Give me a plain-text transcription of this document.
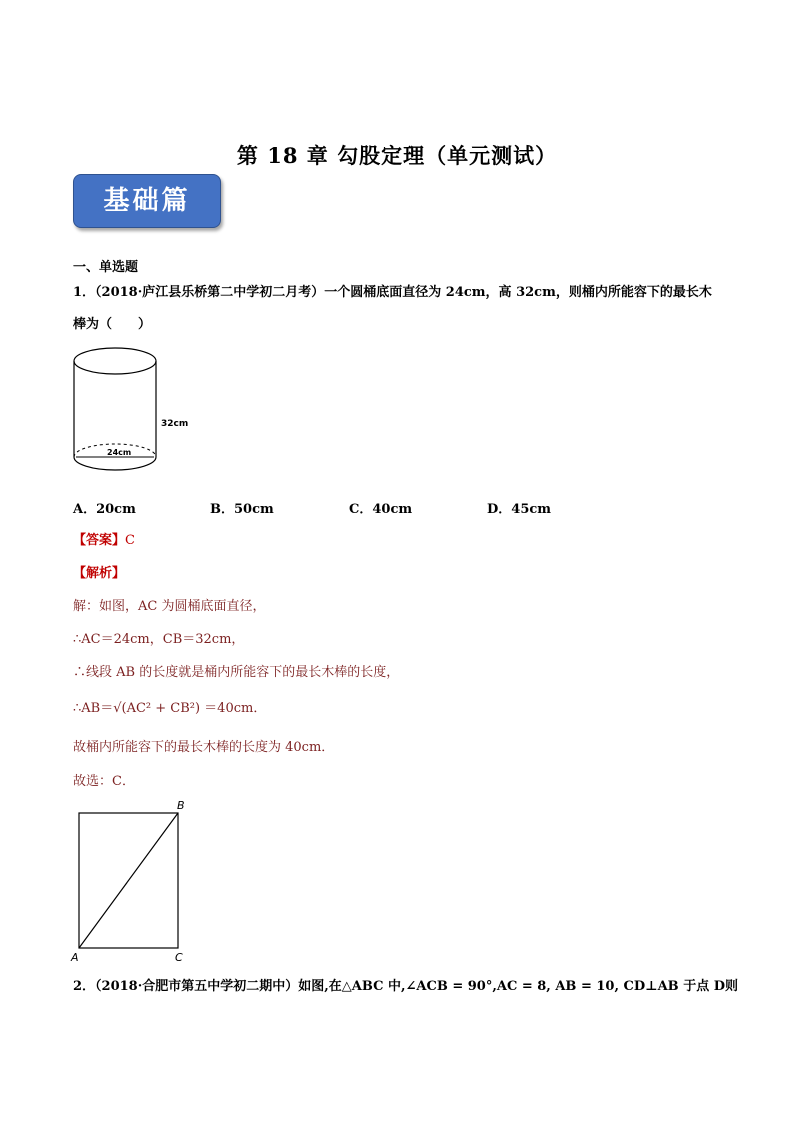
第 18 章 勾股定理（单元测试）
基础篇
一、单选题
1．（2018·庐江县乐桥第二中学初二月考）一个圆桶底面直径为 24cm，高 32cm，则桶内所能容下的最长木
棒为（　　）
32cm
24cm
A．20cm	B．50cm	C．40cm	D．45cm
【答案】C
【解析】
解：如图，AC 为圆桶底面直径，
∴AC＝24cm，CB＝32cm，
∴线段 AB 的长度就是桶内所能容下的最长木棒的长度，
∴AB＝√(AC² + CB²) ＝40cm．
故桶内所能容下的最长木棒的长度为 40cm．
故选：C．
B
A	C
2．（2018·合肥市第五中学初二期中）如图,在△ABC 中,∠ACB = 90°,AC = 8, AB = 10, CD⊥AB 于点 D则
